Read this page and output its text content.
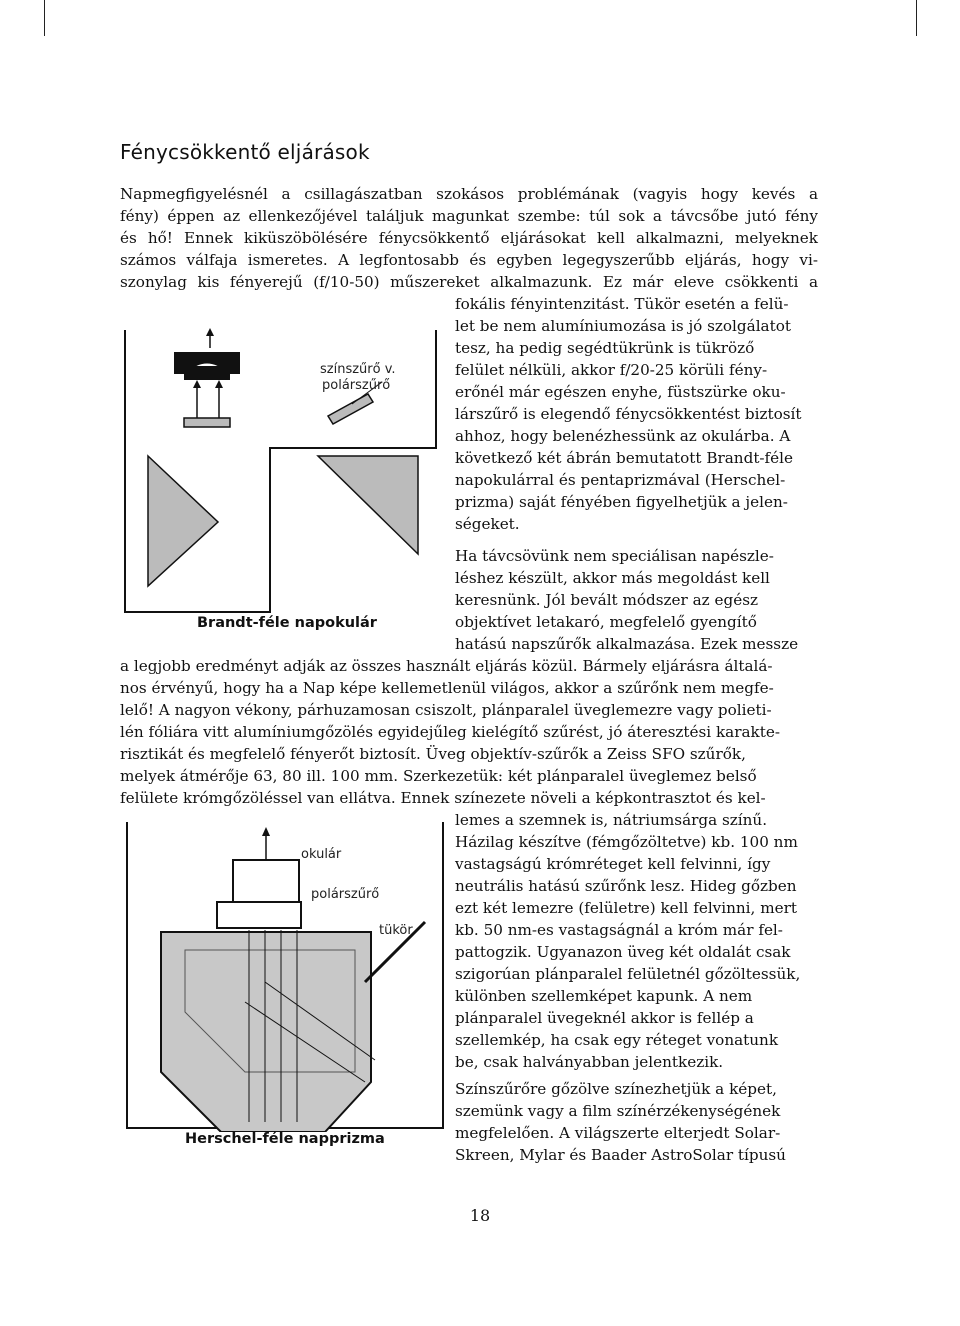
Fénycsökkentő eljárások
Napmegfigyelésnél a csillagászatban szokásos problémának (vagyis hogy kevés a
fény) éppen az ellenkezőjével találjuk magunkat szembe: túl sok a távcsőbe jutó fény
és hő! Ennek kiküszöbölésére fénycsökkentő eljárásokat kell alkalmazni, melyeknek
számos válfaja ismeretes. A legfontosabb és egyben legegyszerűbb eljárás, hogy vi-
szonylag kis fényerejű (f/10-50) műszereket alkalmazunk. Ez már eleve csökkenti a
fokális fényintenzitást. Tükör esetén a felü-
let be nem alumíniumozása is jó szolgálatot
tesz, ha pedig segédtükrünk is tükröző
felület nélküli, akkor f/20-25 körüli fény-
erőnél már egészen enyhe, füstszürke oku-
lárszűrő is elegendő fénycsökkentést biztosít
ahhoz, hogy belenézhessünk az okulárba. A
következő két ábrán bemutatott Brandt-féle
napokulárral és pentaprizmával (Herschel-
prizma) saját fényében figyelhetjük a jelen-
ségeket.
Ha távcsövünk nem speciálisan napészle-
léshez készült, akkor más megoldást kell
keresnünk. Jól bevált módszer az egész
objektívet letakaró, megfelelő gyengítő
hatású napszűrők alkalmazása. Ezek messze
a legjobb eredményt adják az összes használt eljárás közül. Bármely eljárásra általá-
nos érvényű, hogy ha a Nap képe kellemetlenül világos, akkor a szűrőnk nem megfe-
lelő! A nagyon vékony, párhuzamosan csiszolt, plánparalel üveglemezre vagy polieti-
lén fóliára vitt alumíniumgőzölés egyidejűleg kielégítő szűrést, jó áteresztési karakte-
risztikát és megfelelő fényerőt biztosít. Üveg objektív-szűrők a Zeiss SFO szűrők,
melyek átmérője 63, 80 ill. 100 mm. Szerkezetük: két plánparalel üveglemez belső
felülete krómgőzöléssel van ellátva. Ennek színezete növeli a képkontrasztot és kel-
lemes a szemnek is, nátriumsárga színű.
Házilag készítve (fémgőzöltetve) kb. 100 nm
vastagságú krómréteget kell felvinni, így
neutrális hatású szűrőnk lesz. Hideg gőzben
ezt két lemezre (felületre) kell felvinni, mert
kb. 50 nm-es vastagságnál a króm már fel-
pattogzik. Ugyanazon üveg két oldalát csak
szigorúan plánparalel felületnél gőzöltessük,
különben szellemképet kapunk. A nem
plánparalel üvegeknél akkor is fellép a
szellemkép, ha csak egy réteget vonatunk
be, csak halványabban jelentkezik.
Színszűrőre gőzölve színezhetjük a képet,
szemünk vagy a film színérzékenységének
megfelelően. A világszerte elterjedt Solar-
Skreen, Mylar és Baader AstroSolar típusú
színszűrő v.
polárszűrő
Brandt-féle napokulár
okulár
polárszűrő
tükör
Herschel-féle napprizma
18
